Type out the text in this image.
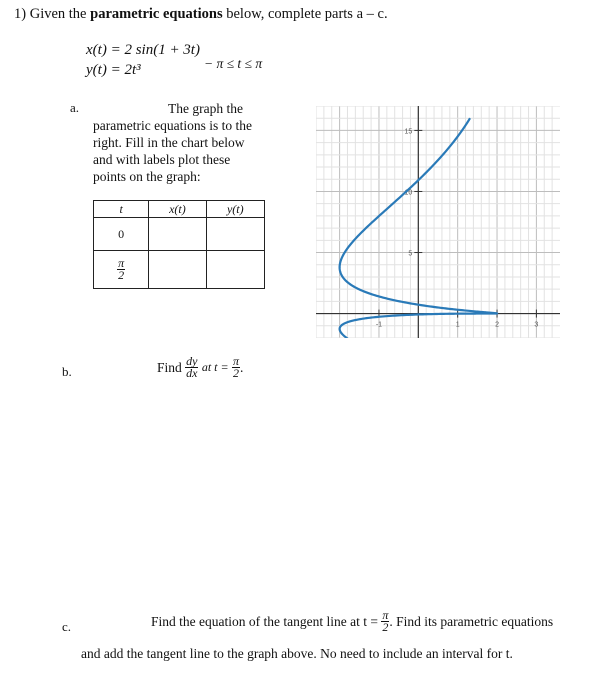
1) Given the parametric equations below, complete parts a – c.
x(t) = 2 sin(1 + 3t)
y(t) = 2t³	− π ≤ t ≤ π
a.	The graph the
parametric equations is to the
right. Fill in the chart below
and with labels plot these
points on the graph:
t	x(t)	y(t)
0		

$\frac{\pi}{2}$

-1	1	2	3
5
10
15
b.	Find $\frac{dy}{dx}$ at $t = \frac{\pi}{2}$ .
c.	Find the equation of the tangent line at $t = \frac{\pi}{2}$ . Find its parametric equations
and add the tangent line to the graph above. No need to include an interval for t.
